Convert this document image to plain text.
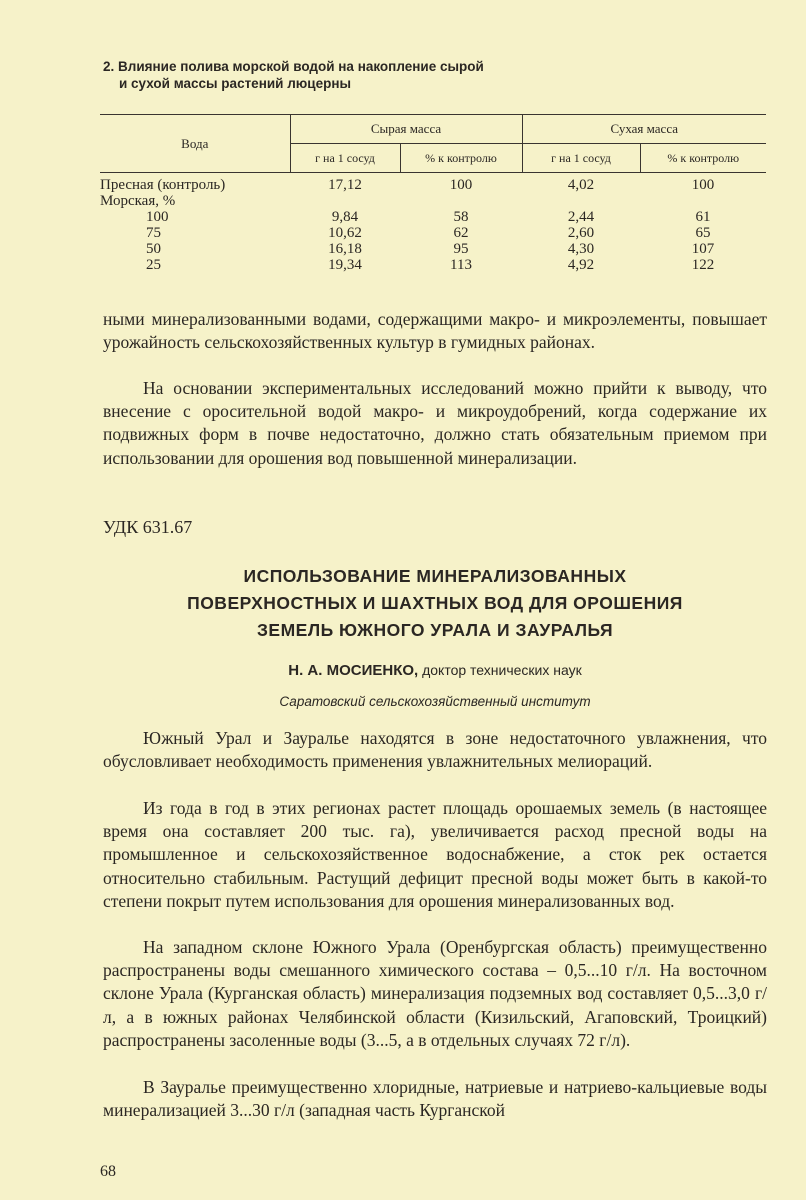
2. Влияние полива морской водой на накопление сырой
и сухой массы растений люцерны
Вода	Сырая масса		Сухая масса	
	г на 1 сосуд	% к контролю	г на 1 сосуд	% к контролю
Пресная (контроль)	17,12	100	4,02	100
Морская, %				
100	9,84	58	2,44	61
75	10,62	62	2,60	65
50	16,18	95	4,30	107
25	19,34	113	4,92	122

ными минерализованными водами, содержащими макро- и микроэлементы, повышает урожайность сельскохозяйственных культур в гумидных районах.

На основании экспериментальных исследований можно прийти к выводу, что внесение с оросительной водой макро- и микроудобрений, когда содержание их подвижных форм в почве недостаточно, должно стать обязательным приемом при использовании для орошения вод повышенной минерализации.

УДК 631.67
ИСПОЛЬЗОВАНИЕ МИНЕРАЛИЗОВАННЫХ
ПОВЕРХНОСТНЫХ И ШАХТНЫХ ВОД ДЛЯ ОРОШЕНИЯ
ЗЕМЕЛЬ ЮЖНОГО УРАЛА И ЗАУРАЛЬЯ
Н. А. МОСИЕНКО, доктор технических наук
Саратовский сельскохозяйственный институт

Южный Урал и Зауралье находятся в зоне недостаточного увлажнения, что обусловливает необходимость применения увлажнительных мелиораций.

Из года в год в этих регионах растет площадь орошаемых земель (в настоящее время она составляет 200 тыс. га), увеличивается расход пресной воды на промышленное и сельскохозяйственное водоснабжение, а сток рек остается относительно стабильным. Растущий дефицит пресной воды может быть в какой-то степени покрыт путем использования для орошения минерализованных вод.

На западном склоне Южного Урала (Оренбургская область) преимущественно распространены воды смешанного химического состава – 0,5...10 г/л. На восточном склоне Урала (Курганская область) минерализация подземных вод составляет 0,5...3,0 г/л, а в южных районах Челябинской области (Кизильский, Агаповский, Троицкий) распространены засоленные воды (3...5, а в отдельных случаях 72 г/л).

В Зауралье преимущественно хлоридные, натриевые и натриево-кальциевые воды минерализацией 3...30 г/л (западная часть Курганской

68
